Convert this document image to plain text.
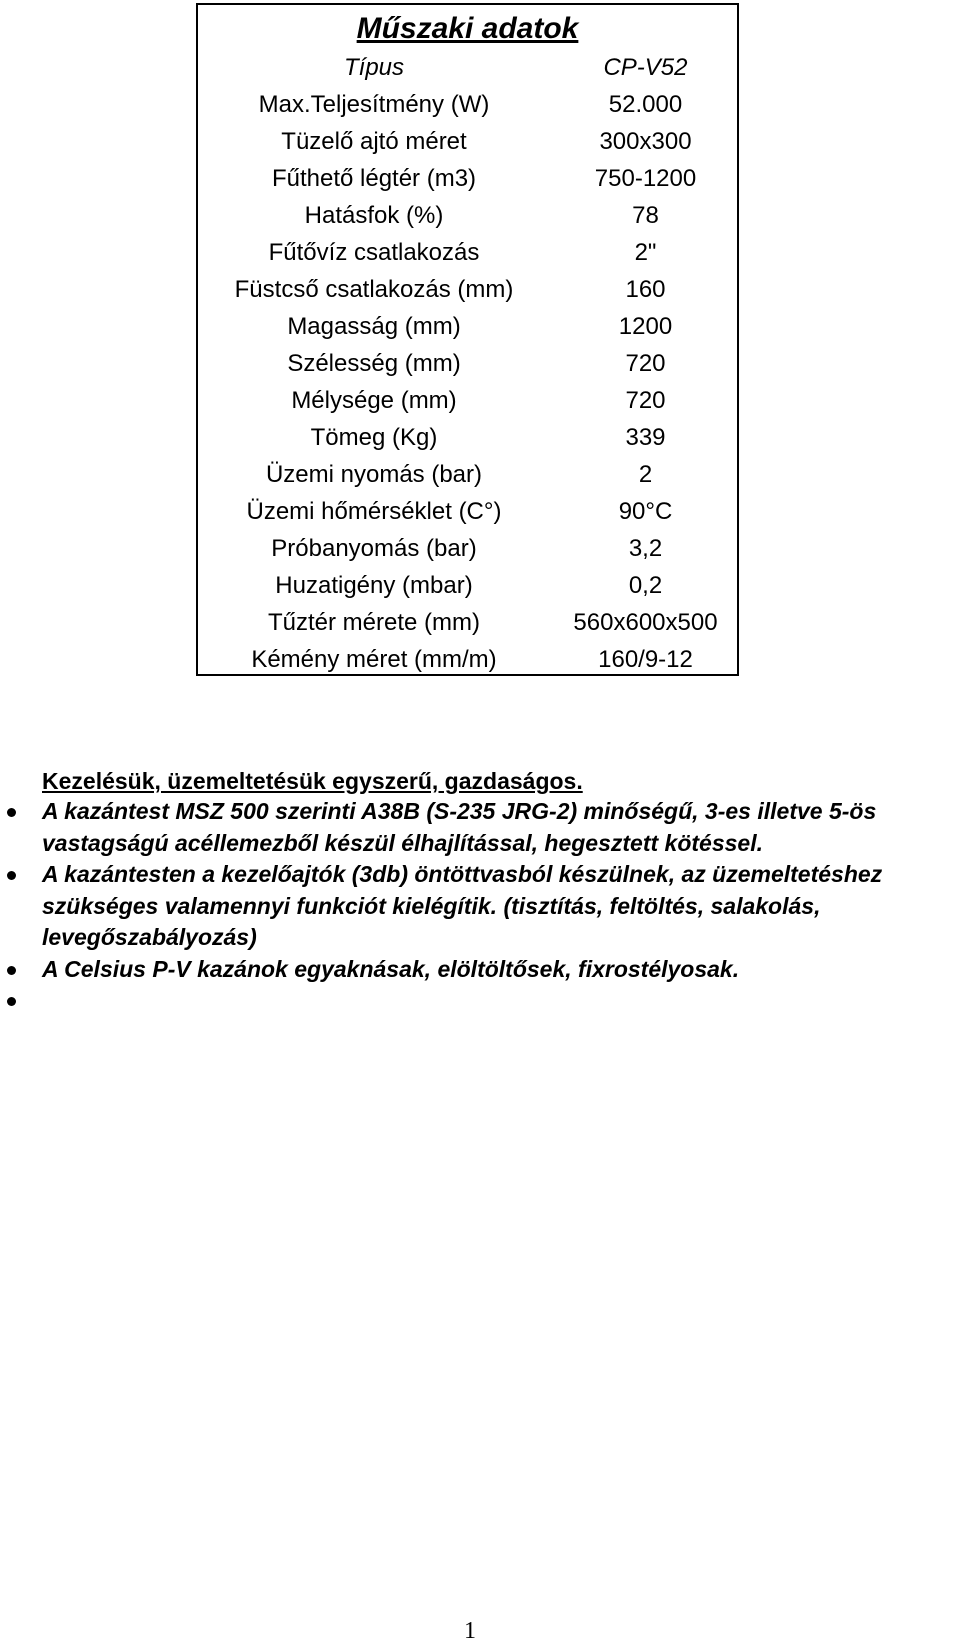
Műszaki adatok
Típus	CP-V52
Max.Teljesítmény (W)	52.000
Tüzelő ajtó méret	300x300
Fűthető légtér (m3)	750-1200
Hatásfok (%)	78
Fűtővíz csatlakozás	2"
Füstcső csatlakozás (mm)	160
Magasság (mm)	1200
Szélesség (mm)	720
Mélysége (mm)	720
Tömeg (Kg)	339
Üzemi nyomás (bar)	2
Üzemi hőmérséklet (C°)	90°C
Próbanyomás (bar)	3,2
Huzatigény (mbar)	0,2
Tűztér mérete (mm)	560x600x500
Kémény méret (mm/m)	160/9-12
Kezelésük, üzemeltetésük egyszerű, gazdaságos.
A kazántest MSZ 500 szerinti A38B (S-235 JRG-2) minőségű, 3-es illetve 5-ös vastagságú acéllemezből készül élhajlítással, hegesztett kötéssel.
A kazántesten a kezelőajtók (3db) öntöttvasból készülnek, az üzemeltetéshez szükséges valamennyi funkciót kielégítik. (tisztítás, feltöltés, salakolás, levegőszabályozás)
A Celsius P-V kazánok egyaknásak, elöltöltősek, fixrostélyosak.
1
